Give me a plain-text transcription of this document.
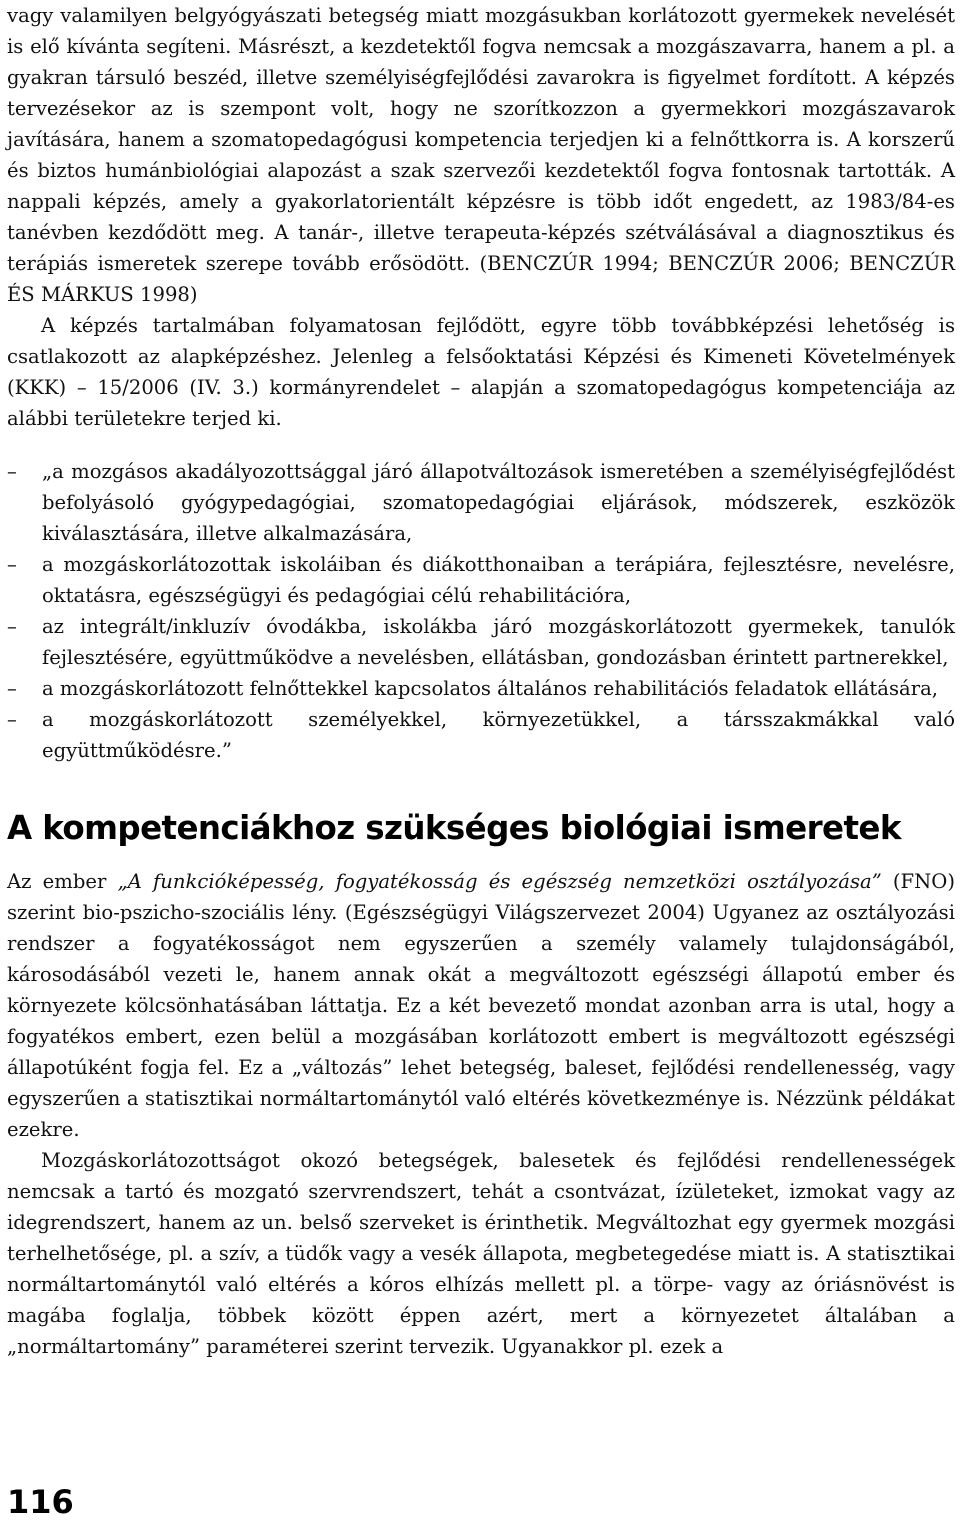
vagy valamilyen belgyógyászati betegség miatt mozgásukban korlátozott gyermekek nevelését is elő kívánta segíteni. Másrészt, a kezdetektől fogva nemcsak a mozgászavarra, hanem a pl. a gyakran társuló beszéd, illetve személyiségfejlődési zavarokra is figyelmet fordított. A képzés tervezésekor az is szempont volt, hogy ne szorítkozzon a gyermekkori mozgászavarok javítására, hanem a szomatopedagógusi kompetencia terjedjen ki a felnőttkorra is. A korszerű és biztos humánbiológiai alapozást a szak szervezői kezdetektől fogva fontosnak tartották. A nappali képzés, amely a gyakorlatorientált képzésre is több időt engedett, az 1983/84-es tanévben kezdődött meg. A tanár-, illetve terapeuta-képzés szétválásával a diagnosztikus és terápiás ismeretek szerepe tovább erősödött. (BENCZÚR 1994; BENCZÚR 2006; BENCZÚR ÉS MÁRKUS 1998)

A képzés tartalmában folyamatosan fejlődött, egyre több továbbképzési lehetőség is csatlakozott az alapképzéshez. Jelenleg a felsőoktatási Képzési és Kimeneti Követelmények (KKK) – 15/2006 (IV. 3.) kormányrendelet – alapján a szomatopedagógus kompetenciája az alábbi területekre terjed ki.

–	„a mozgásos akadályozottsággal járó állapotváltozások ismeretében a személyiségfejlődést befolyásoló gyógypedagógiai, szomatopedagógiai eljárások, módszerek, eszközök kiválasztására, illetve alkalmazására,
–	a mozgáskorlátozottak iskoláiban és diákotthonaiban a terápiára, fejlesztésre, nevelésre, oktatásra, egészségügyi és pedagógiai célú rehabilitációra,
–	az integrált/inkluzív óvodákba, iskolákba járó mozgáskorlátozott gyermekek, tanulók fejlesztésére, együttműködve a nevelésben, ellátásban, gondozásban érintett partnerekkel,
–	a mozgáskorlátozott felnőttekkel kapcsolatos általános rehabilitációs feladatok ellátására,
–	a mozgáskorlátozott személyekkel, környezetükkel, a társszakmákkal való együttműködésre.”
A kompetenciákhoz szükséges biológiai ismeretek

Az ember „A funkcióképesség, fogyatékosság és egészség nemzetközi osztályozása” (FNO) szerint bio-pszicho-szociális lény. (Egészségügyi Világszervezet 2004) Ugyanez az osztályozási rendszer a fogyatékosságot nem egyszerűen a személy valamely tulajdonságából, károsodásából vezeti le, hanem annak okát a megváltozott egészségi állapotú ember és környezete kölcsönhatásában láttatja. Ez a két bevezető mondat azonban arra is utal, hogy a fogyatékos embert, ezen belül a mozgásában korlátozott embert is megváltozott egészségi állapotúként fogja fel. Ez a „változás” lehet betegség, baleset, fejlődési rendellenesség, vagy egyszerűen a statisztikai normáltartománytól való eltérés következménye is. Nézzünk példákat ezekre.

Mozgáskorlátozottságot okozó betegségek, balesetek és fejlődési rendellenességek nemcsak a tartó és mozgató szervrendszert, tehát a csontvázat, ízületeket, izmokat vagy az idegrendszert, hanem az un. belső szerveket is érinthetik. Megváltozhat egy gyermek mozgási terhelhetősége, pl. a szív, a tüdők vagy a vesék állapota, megbetegedése miatt is. A statisztikai normáltartománytól való eltérés a kóros elhízás mellett pl. a törpe- vagy az óriásnövést is magába foglalja, többek között éppen azért, mert a környezetet általában a „normáltartomány” paraméterei szerint tervezik. Ugyanakkor pl. ezek a

116
